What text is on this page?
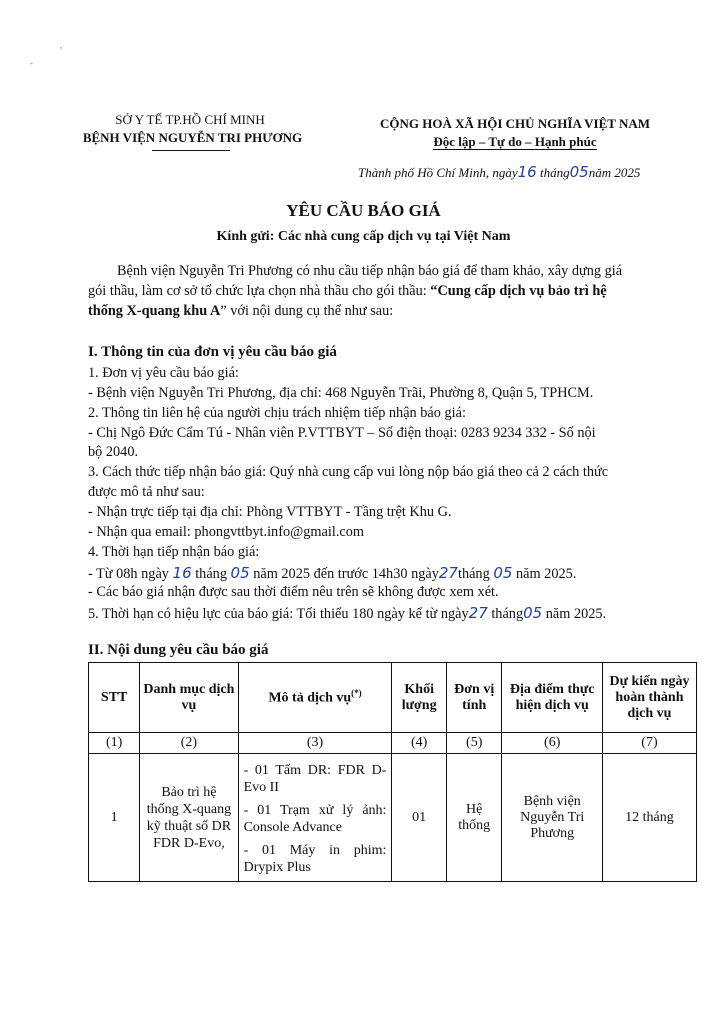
,
-
SỞ Y TẾ TP.HỒ CHÍ MINH
BỆNH VIỆN NGUYỄN TRI PHƯƠNG
CỘNG HOÀ XÃ HỘI CHỦ NGHĨA VIỆT NAM
Độc lập – Tự do – Hạnh phúc
Thành phố Hồ Chí Minh, ngày16 tháng05năm 2025
YÊU CẦU BÁO GIÁ
Kính gửi: Các nhà cung cấp dịch vụ tại Việt Nam
Bệnh viện Nguyễn Tri Phương có nhu cầu tiếp nhận báo giá để tham khảo, xây dựng giá
gói thầu, làm cơ sở tổ chức lựa chọn nhà thầu cho gói thầu: “Cung cấp dịch vụ bảo trì hệ
thống X-quang khu A” với nội dung cụ thể như sau:
I. Thông tin của đơn vị yêu cầu báo giá
1. Đơn vị yêu cầu báo giá:
- Bệnh viện Nguyễn Tri Phương, địa chỉ: 468 Nguyễn Trãi, Phường 8, Quận 5, TPHCM.
2. Thông tin liên hệ của người chịu trách nhiệm tiếp nhận báo giá:
- Chị Ngô Đức Cẩm Tú - Nhân viên P.VTTBYT – Số điện thoại: 0283 9234 332 - Số nội
bộ 2040.
3. Cách thức tiếp nhận báo giá: Quý nhà cung cấp vui lòng nộp báo giá theo cả 2 cách thức
được mô tả như sau:
- Nhận trực tiếp tại địa chỉ: Phòng VTTBYT - Tầng trệt Khu G.
- Nhận qua email: phongvttbyt.info@gmail.com
4. Thời hạn tiếp nhận báo giá:
- Từ 08h ngày 16 tháng 05 năm 2025 đến trước 14h30 ngày27tháng 05 năm 2025.
- Các báo giá nhận được sau thời điểm nêu trên sẽ không được xem xét.
5. Thời hạn có hiệu lực của báo giá: Tối thiểu 180 ngày kể từ ngày27 tháng05 năm 2025.
II. Nội dung yêu cầu báo giá
STT	Danh mục dịch vụ	Mô tả dịch vụ(*)	Khối lượng	Đơn vị tính	Địa điểm thực hiện dịch vụ	Dự kiến ngày hoàn thành dịch vụ
(1)	(2)	(3)	(4)	(5)	(6)	(7)
1	Bảo trì hệ thống X-quang kỹ thuật số DR FDR D-Evo,	- 01 Tấm DR: FDR D-Evo II

- 01 Trạm xử lý ảnh: Console Advance

- 01 Máy in phim: Drypix Plus	01	Hệ thống	Bệnh viện Nguyễn Tri Phương	12 tháng
